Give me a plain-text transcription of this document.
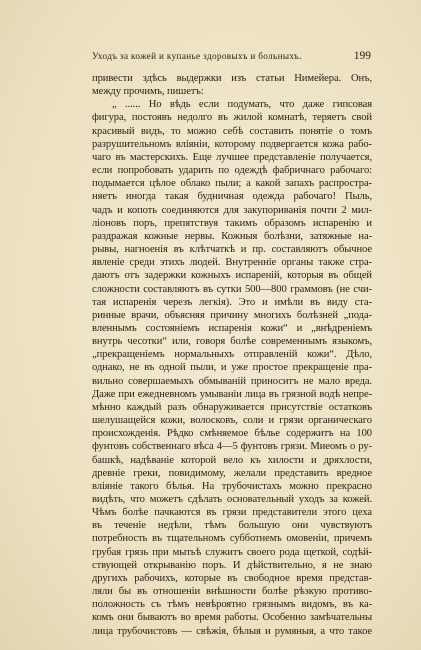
Уходъ за кожей и купанье здоровыхъ и больныхъ.	199
привести здѣсь выдержки изъ статьи Нимейера. Онъ,
между прочимъ, пишетъ:
„ ...... Но вѣдь если подумать, что даже гипсовая
фигура, постоявъ недолго въ жилой комнатѣ, теряетъ свой
красивый видъ, то можно себѣ составить понятіе о томъ
разрушительномъ вліяніи, которому подвергается кожа рабо-
чаго въ мастерскихъ. Еще лучшее представленіе получается,
если попробовать ударить по одеждѣ фабричнаго рабочаго:
подымается цѣлое облако пыли; а какой запахъ распростра-
няетъ иногда такая будничная одежда рабочаго! Пыль,
чадъ и копоть соединяются для закупориванія почти 2 мил-
ліоновъ поръ, препятствуя такимъ образомъ испаренію и
раздражая кожные нервы. Кожныя болѣзни, затяжные на-
рывы, нагноенія въ клѣтчаткѣ и пр. составляютъ обычное
явленіе среди этихъ людей. Внутренніе органы также стра-
даютъ отъ задержки кожныхъ испареній, которыя въ общей
сложности составляютъ въ сутки 500—800 граммовъ (не счи-
тая испаренія черезъ легкія). Это и имѣли въ виду ста-
ринные врачи, объясняя причину многихъ болѣзней „пода-
вленнымъ состояніемъ испаренія кожи“ и „внѣдреніемъ
внутрь чесотки“ или, говоря болѣе современнымъ языкомъ,
„прекращеніемъ нормальныхъ отправленій кожи“. Дѣло,
однако, не въ одной пыли, и уже простое прекращеніе пра-
вильно совершаемыхъ обмываній приноситъ не мало вреда.
Даже при ежедневномъ умываніи лица въ грязной водѣ непре-
мѣнно каждый разъ обнаруживается присутствіе остатковъ
шелушащейся кожи, волосковъ, соли и грязи органическаго
происхожденія. Рѣдко смѣняемое бѣлье содержитъ на 100
фунтовъ собственнаго вѣса 4—5 фунтовъ грязи. Миеомъ о ру-
башкѣ, надѣваніе которой вело къ хилости и дряхлости,
древніе греки, повидимому, желали представить вредное
вліяніе такого бѣлья. На трубочистахъ можно прекрасно
видѣть, что можетъ сдѣлать основательный уходъ за кожей.
Чѣмъ болѣе пачкаются въ грязи представители этого цеха
въ теченіе недѣли, тѣмъ большую они чувствуютъ
потребность въ тщательномъ субботнемъ омовеніи, причемъ
грубая грязь при мытьѣ служитъ своего рода щеткой, содѣй-
ствующей открыванію поръ. И дѣйствительно, я не знаю
другихъ рабочихъ, которые въ свободное время представ-
ляли бы въ отношеніи внѣшности болѣе рѣзкую противо-
положность съ тѣмъ невѣроятно грязнымъ видомъ, въ ка-
комъ они бываютъ во время работы. Особенно замѣчательны
лица трубочистовъ — свѣжія, бѣлыя и румяныя, а что такое
